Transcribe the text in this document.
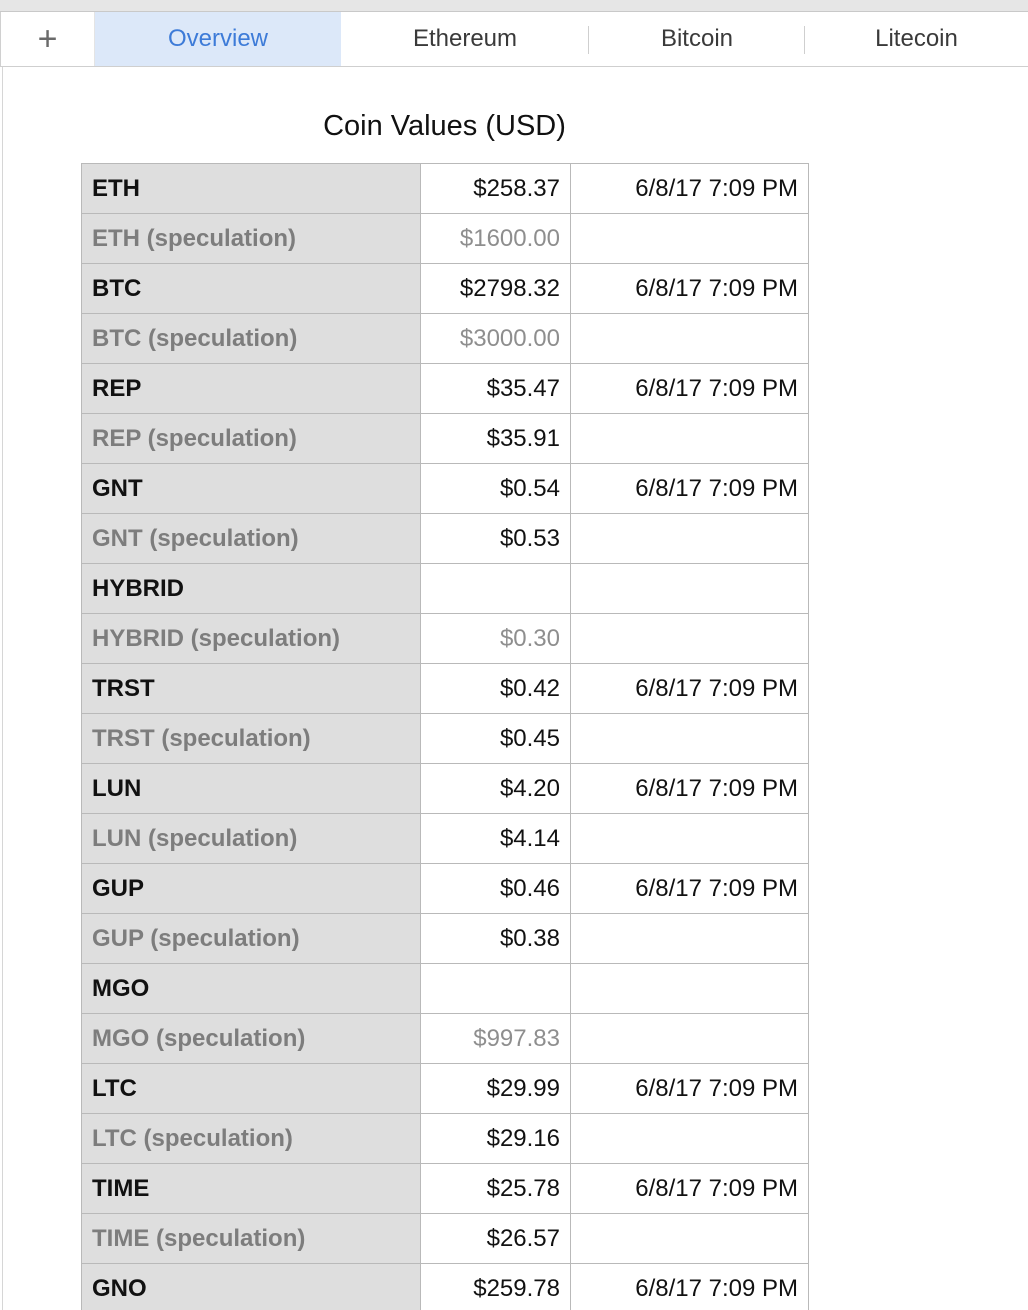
+	Overview	Ethereum	Bitcoin	Litecoin
Coin Values (USD)
ETH	$258.37	6/8/17 7:09 PM
ETH (speculation)	$1600.00	
BTC	$2798.32	6/8/17 7:09 PM
BTC (speculation)	$3000.00	
REP	$35.47	6/8/17 7:09 PM
REP (speculation)	$35.91	
GNT	$0.54	6/8/17 7:09 PM
GNT (speculation)	$0.53	
HYBRID		
HYBRID (speculation)	$0.30	
TRST	$0.42	6/8/17 7:09 PM
TRST (speculation)	$0.45	
LUN	$4.20	6/8/17 7:09 PM
LUN (speculation)	$4.14	
GUP	$0.46	6/8/17 7:09 PM
GUP (speculation)	$0.38	
MGO		
MGO (speculation)	$997.83	
LTC	$29.99	6/8/17 7:09 PM
LTC (speculation)	$29.16	
TIME	$25.78	6/8/17 7:09 PM
TIME (speculation)	$26.57	
GNO	$259.78	6/8/17 7:09 PM
